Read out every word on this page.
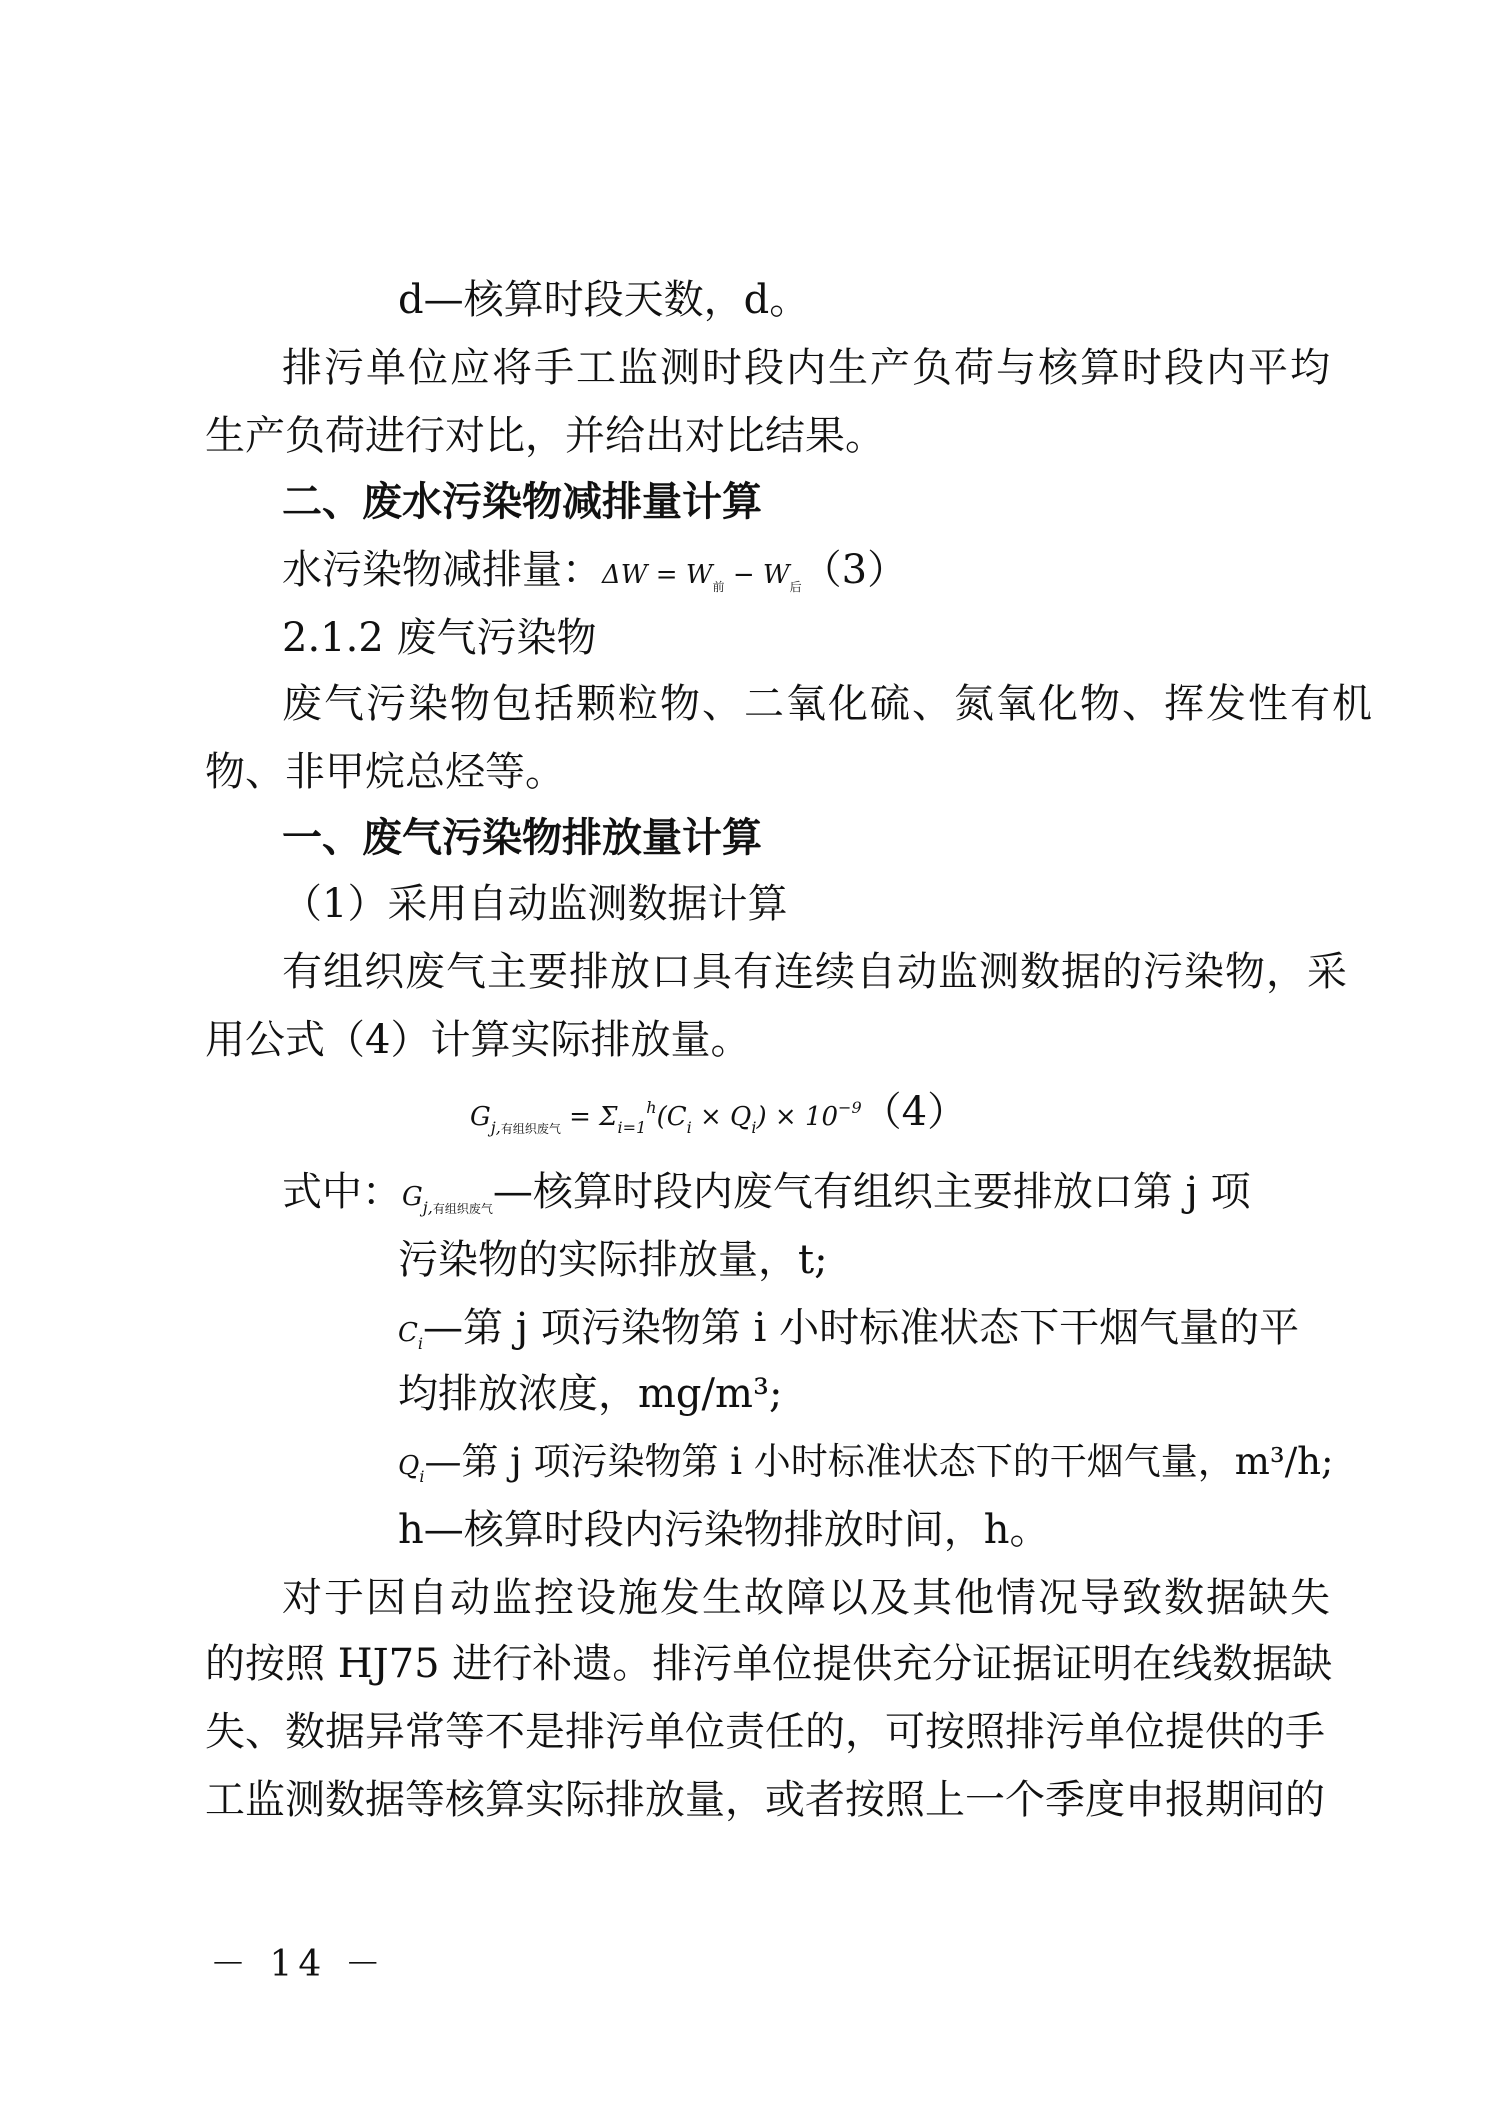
d—核算时段天数，d。
排污单位应将手工监测时段内生产负荷与核算时段内平均
生产负荷进行对比，并给出对比结果。
二、废水污染物减排量计算
水污染物减排量：$\Delta W = W_前 - W_后(3)$
2.1.2 废气污染物
废气污染物包括颗粒物、二氧化硫、氮氧化物、挥发性有机
物、非甲烷总烃等。
一、废气污染物排放量计算
（1）采用自动监测数据计算
有组织废气主要排放口具有连续自动监测数据的污染物，采
用公式（4）计算实际排放量。
$G_{j,有组织废气} = \Sigma_{i=1}^h(C_i \times Q_i) \times 10^{-9}(4)$
式中：$G_{j,有组织废气}—$核算时段内废气有组织主要排放口第 j 项
污染物的实际排放量，t;
$C_i—$第 j 项污染物第 i 小时标准状态下干烟气量的平
均排放浓度，mg/m³;
$Q_i—$第 j 项污染物第 i 小时标准状态下的干烟气量，m³/h;
h—核算时段内污染物排放时间，h。
对于因自动监控设施发生故障以及其他情况导致数据缺失
的按照 HJ75 进行补遗。排污单位提供充分证据证明在线数据缺
失、数据异常等不是排污单位责任的，可按照排污单位提供的手
工监测数据等核算实际排放量，或者按照上一个季度申报期间的
－ 14 －
